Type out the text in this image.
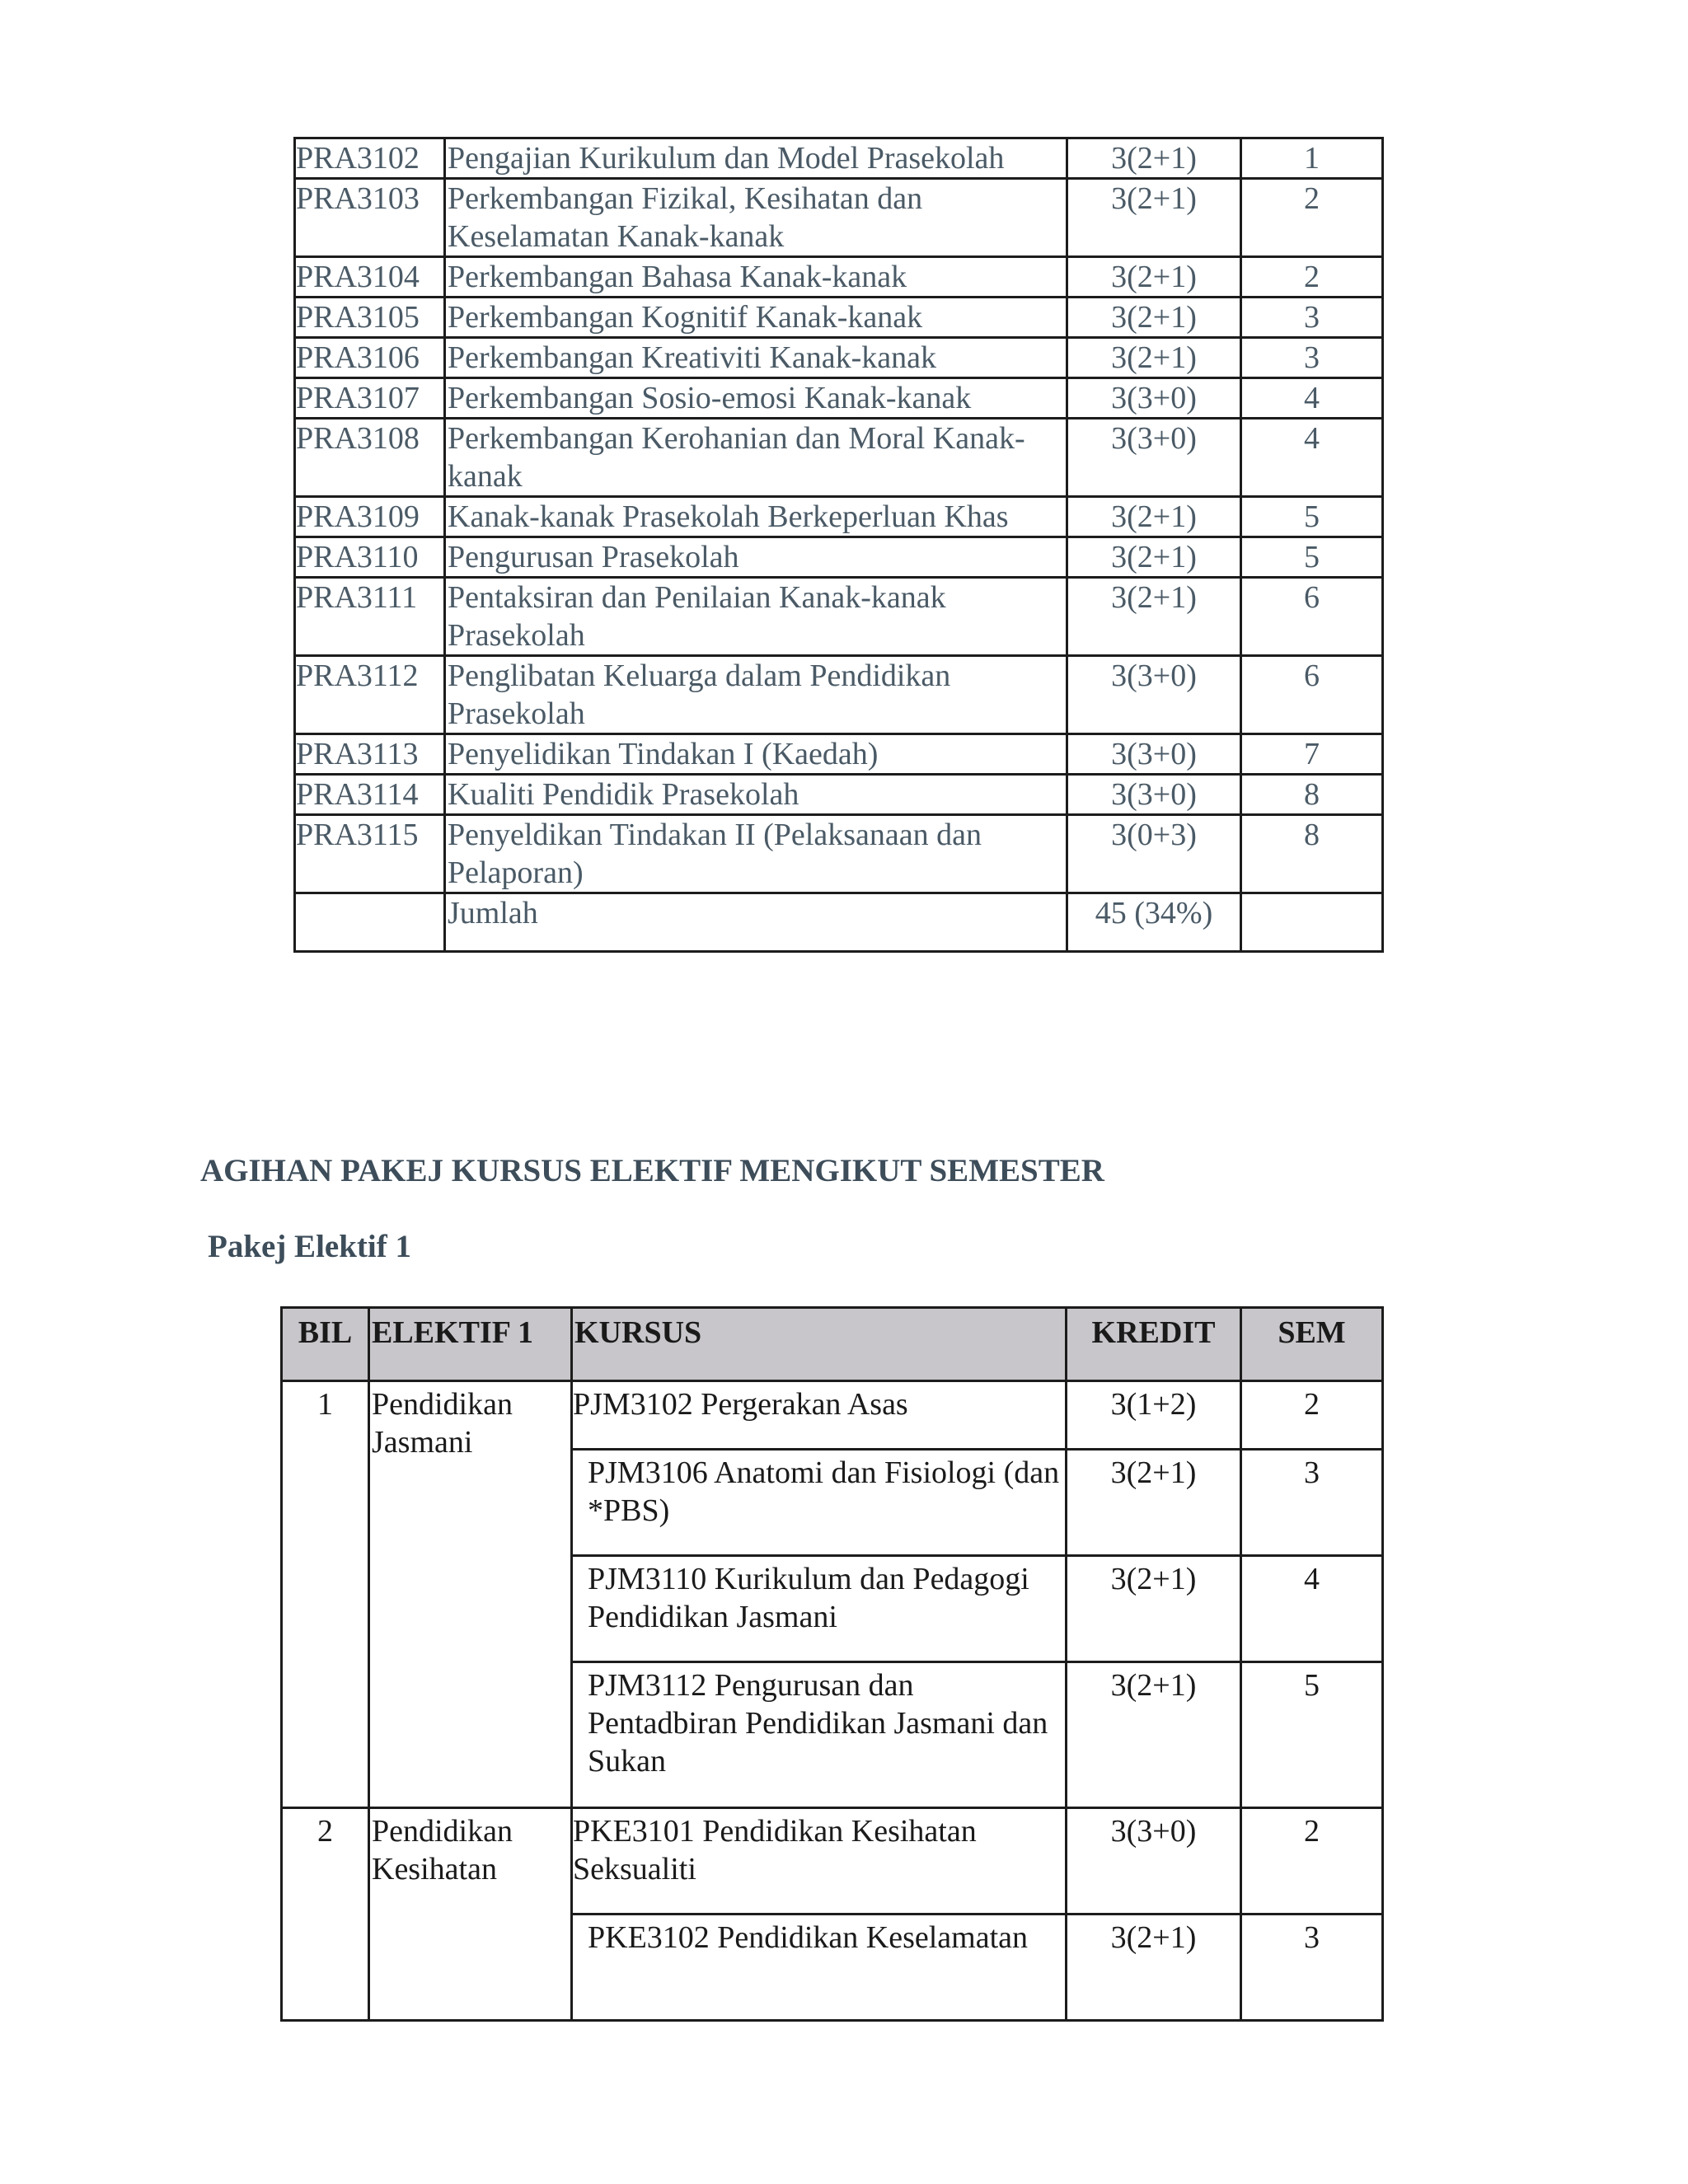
PRA3102	Pengajian Kurikulum dan Model Prasekolah	3(2+1)	1
PRA3103	Perkembangan Fizikal, Kesihatan dan Keselamatan Kanak-kanak	3(2+1)	2
PRA3104	Perkembangan Bahasa Kanak-kanak	3(2+1)	2
PRA3105	Perkembangan Kognitif Kanak-kanak	3(2+1)	3
PRA3106	Perkembangan Kreativiti Kanak-kanak	3(2+1)	3
PRA3107	Perkembangan Sosio-emosi Kanak-kanak	3(3+0)	4
PRA3108	Perkembangan Kerohanian dan Moral Kanak-kanak	3(3+0)	4
PRA3109	Kanak-kanak Prasekolah Berkeperluan Khas	3(2+1)	5
PRA3110	Pengurusan Prasekolah	3(2+1)	5
PRA3111	Pentaksiran dan Penilaian Kanak-kanak Prasekolah	3(2+1)	6
PRA3112	Penglibatan Keluarga dalam Pendidikan Prasekolah	3(3+0)	6
PRA3113	Penyelidikan Tindakan I (Kaedah)	3(3+0)	7
PRA3114	Kualiti Pendidik Prasekolah	3(3+0)	8
PRA3115	Penyeldikan Tindakan II (Pelaksanaan dan Pelaporan)	3(0+3)	8
	Jumlah	45 (34%)	
AGIHAN PAKEJ KURSUS ELEKTIF MENGIKUT SEMESTER
Pakej Elektif 1
BIL	ELEKTIF 1	KURSUS	KREDIT	SEM
1	Pendidikan Jasmani	PJM3102 Pergerakan Asas	3(1+2)	2
		PJM3106 Anatomi dan Fisiologi (dan *PBS)	3(2+1)	3
		PJM3110 Kurikulum dan Pedagogi Pendidikan Jasmani	3(2+1)	4
		PJM3112 Pengurusan dan Pentadbiran Pendidikan Jasmani dan Sukan	3(2+1)	5
2	Pendidikan Kesihatan	PKE3101 Pendidikan Kesihatan Seksualiti	3(3+0)	2
		PKE3102 Pendidikan Keselamatan	3(2+1)	3
